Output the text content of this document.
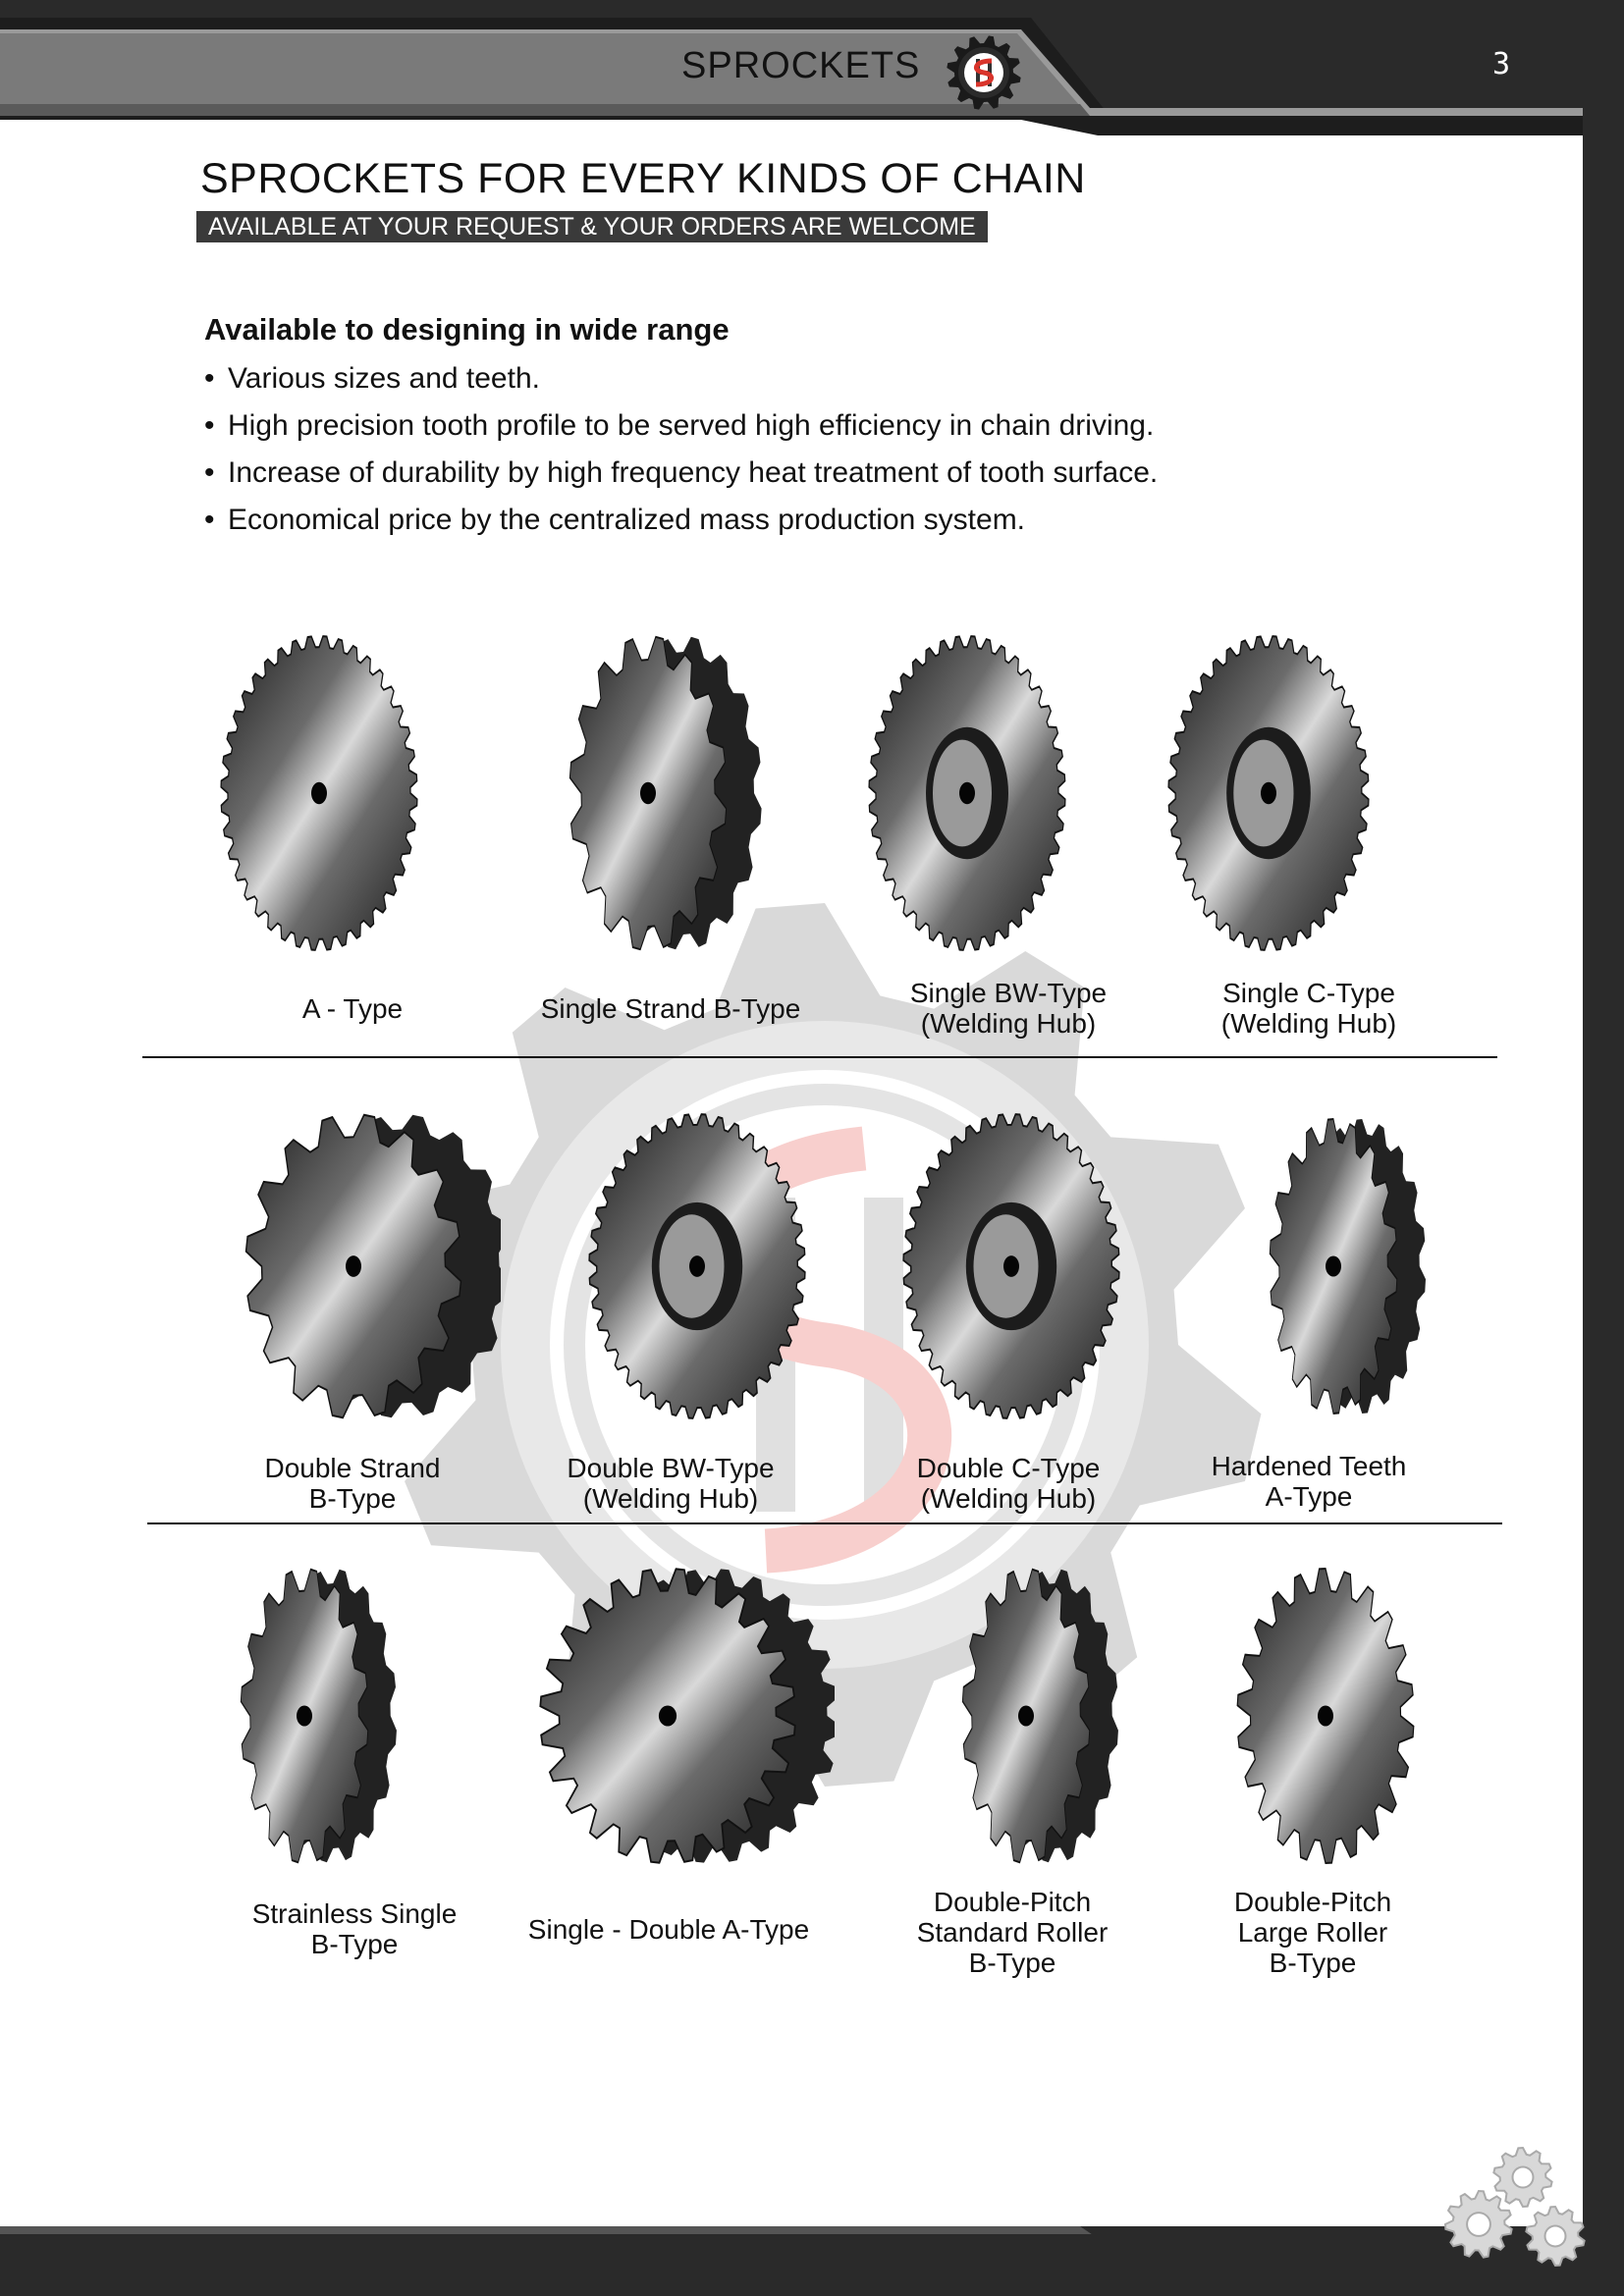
SPROCKETS	3
SPROCKETS FOR EVERY KINDS OF CHAIN
AVAILABLE AT YOUR REQUEST & YOUR ORDERS ARE WELCOME
Available to designing in wide range
• Various sizes and teeth.
• High precision tooth profile to be served high efficiency in chain driving.
• Increase of durability by high frequency heat treatment of tooth surface.
• Economical price by the centralized mass production system.
A - Type	Single Strand B-Type
Single BW-Type
(Welding Hub)
Single C-Type
(Welding Hub)
Double Strand
B-Type
Double BW-Type
(Welding Hub)
Double C-Type
(Welding Hub)
Hardened Teeth
A-Type
Strainless Single
B-Type	Single - Double A-Type
Double-Pitch
Standard Roller
B-Type
Double-Pitch
Large Roller
B-Type
